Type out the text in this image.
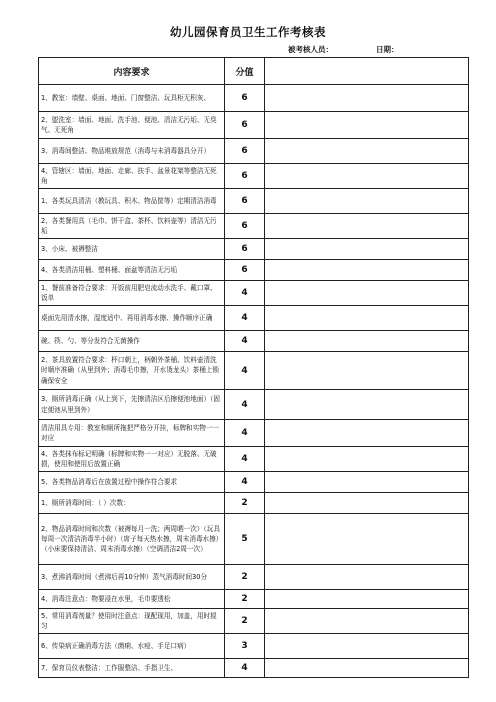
幼儿园保育员卫生工作考核表
被考核人员：	日期：
内容要求	分值	
1、教室：墙壁、桌面、地面、门窗整洁、玩具柜无积灰、	6	
2、盥洗室：墙面、地面、洗手池、便池、清洁无污垢、无臭气、无死角	6	
3、消毒间整洁、物品堆放规范（消毒与未消毒器具分开）	6	
4、管辖区：墙面、地面、走廊、扶手、盆景花架等整洁无死角	6	
1、各类玩具清洁（教玩具、积木、物品筐等）定期清洁消毒	6	
2、各类餐用具（毛巾、饼干盒、茶杯、饮料壶等）清洁无污垢	6	
3、小床、被褥整洁	6	
4、各类清洁用桶、塑料桶、面盆等清洁无污垢	6	
1、餐前准备符合要求：开饭前用肥皂流动水洗手、戴口罩、饭单	4	
桌面先用清水擦，湿度适中、再用消毒水擦、操作顺序正确	4	
碗、筷、勺、等分发符合无菌操作	4	
2、茶具放置符合要求：杯口朝上，柄朝外茶桶、饮料壶清洗时顺序准确（从里到外；消毒毛巾擦，开水烫龙头）茶桶上锁确保安全	4	
3、厕所消毒正确（从上到下，先擦清洁区后擦便池地面）（固定便池从里到外）	4	
清洁用具专用：教室和厕所拖把严格分开挂，标牌和实物一一对应	4	
4、各类抹布标记明确（标牌和实物一一对应）无脱落、无破损，使用和使用后放置正确	4	
5、各类物品消毒后在放置过程中操作符合要求	4	
1、厕所消毒时间：（ ）次数：	2	
2、物品消毒时间和次数（被褥每月一洗；两周晒一次）（玩具每周一次清洁消毒半小时）（席子每天热水擦，周末消毒水擦）（小床要保持清洁、周末消毒水擦）（空调清洁2周一次）	5	
3、煮沸消毒时间（煮沸后再10分钟）蒸气消毒时间30分	2	
4、消毒注意点：物要浸在水里，毛巾要透松	2	
5、常用消毒剂量？使用时注意点：现配现用，加盖，用时搅匀	2	
6、传染病正确消毒方法（菌痢、水痘、手足口病）	3	
7、保育员仪表整洁：工作服整洁、手指卫生、	4	
